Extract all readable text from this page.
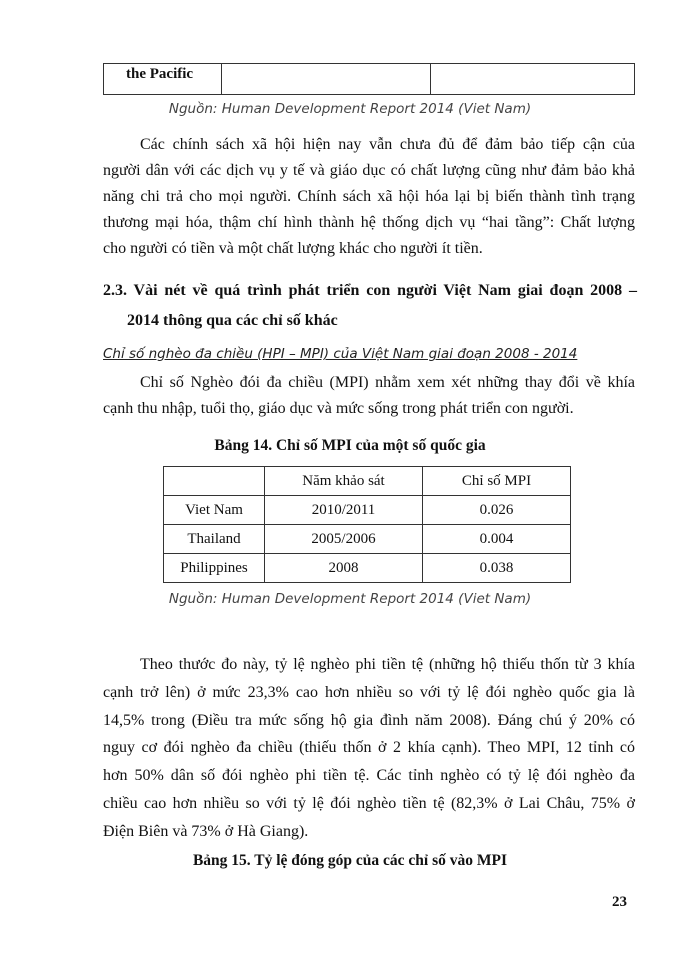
the Pacific		
Nguồn: Human Development Report 2014 (Viet Nam)
Các chính sách xã hội hiện nay vẫn chưa đủ để đảm bảo tiếp cận của
người dân với các dịch vụ y tế và giáo dục có chất lượng cũng như đảm bảo khả
năng chi trả cho mọi người. Chính sách xã hội hóa lại bị biến thành tình trạng
thương mại hóa, thậm chí hình thành hệ thống dịch vụ “hai tầng”: Chất lượng
cho người có tiền và một chất lượng khác cho người ít tiền.
2.3. Vài nét về quá trình phát triển con người Việt Nam giai đoạn 2008 –
2014 thông qua các chỉ số khác
Chỉ số nghèo đa chiều (HPI – MPI) của Việt Nam giai đoạn 2008 - 2014
Chỉ số Nghèo đói đa chiều (MPI) nhằm xem xét những thay đổi về khía
cạnh thu nhập, tuổi thọ, giáo dục và mức sống trong phát triển con người.
Bảng 14. Chỉ số MPI của một số quốc gia
	Năm khảo sát	Chỉ số MPI
Viet Nam	2010/2011	0.026
Thailand	2005/2006	0.004
Philippines	2008	0.038
Nguồn: Human Development Report 2014 (Viet Nam)
Theo thước đo này, tỷ lệ nghèo phi tiền tệ (những hộ thiếu thốn từ 3 khía
cạnh trở lên) ở mức 23,3% cao hơn nhiều so với tỷ lệ đói nghèo quốc gia là
14,5% trong (Điều tra mức sống hộ gia đình năm 2008). Đáng chú ý 20% có
nguy cơ đói nghèo đa chiều (thiếu thốn ở 2 khía cạnh). Theo MPI, 12 tỉnh có
hơn 50% dân số đói nghèo phi tiền tệ. Các tỉnh nghèo có tỷ lệ đói nghèo đa
chiều cao hơn nhiều so với tỷ lệ đói nghèo tiền tệ (82,3% ở Lai Châu, 75% ở
Điện Biên và 73% ở Hà Giang).
Bảng 15. Tỷ lệ đóng góp của các chỉ số vào MPI
23
